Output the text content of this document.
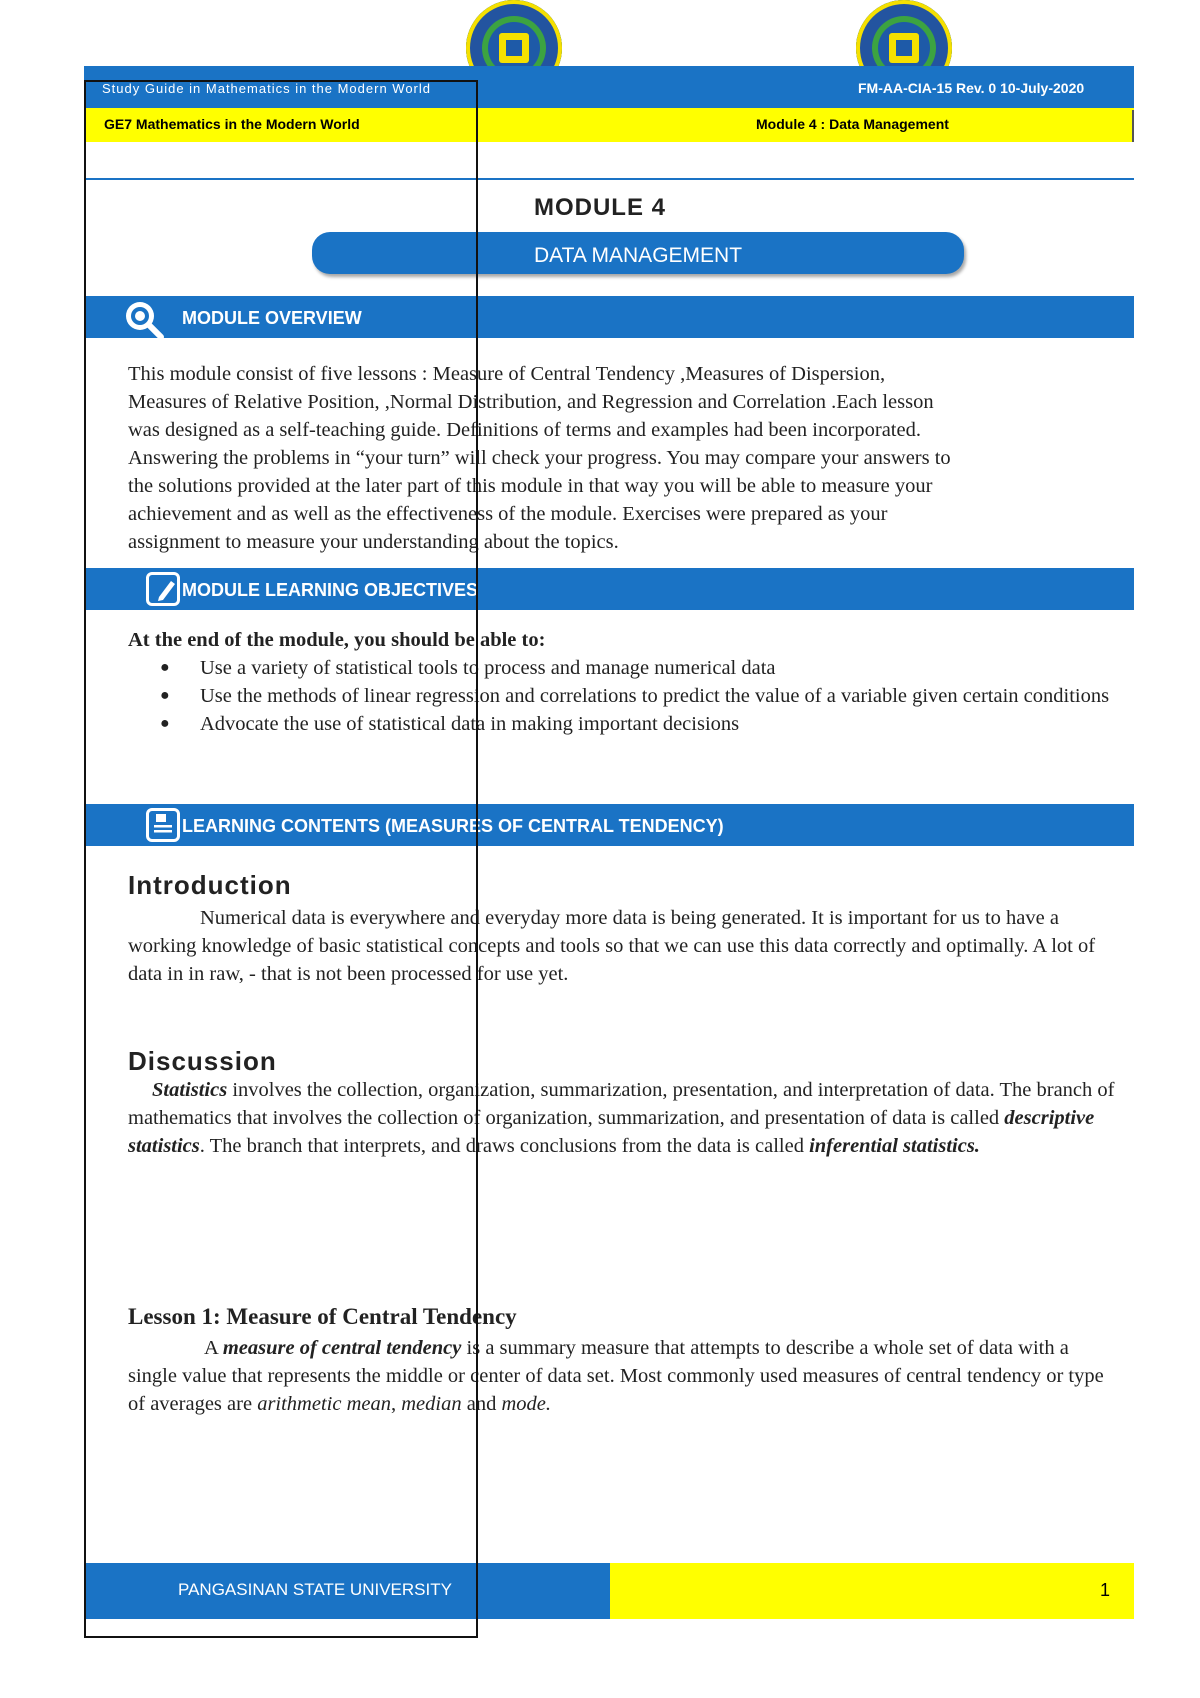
Study Guide in Mathematics in the Modern World	FM-AA-CIA-15 Rev. 0 10-July-2020
GE7 Mathematics in the Modern World	Module 4 : Data Management
MODULE 4
DATA MANAGEMENT
MODULE OVERVIEW
This module consist of five lessons : Measure of Central Tendency ,Measures of Dispersion,
Measures of Relative Position, ,Normal Distribution, and Regression and Correlation .Each lesson
was designed as a self-teaching guide. Definitions of terms and examples had been incorporated.
Answering the problems in “your turn” will check your progress. You may compare your answers to
the solutions provided at the later part of this module in that way you will be able to measure your
achievement and as well as the effectiveness of the module. Exercises were prepared as your
assignment to measure your understanding about the topics.
MODULE LEARNING OBJECTIVES
At the end of the module, you should be able to:
● Use a variety of statistical tools to process and manage numerical data
● Use the methods of linear regression and correlations to predict the value of a variable given certain conditions
● Advocate the use of statistical data in making important decisions
LEARNING CONTENTS (MEASURES OF CENTRAL TENDENCY)
Introduction
Numerical data is everywhere and everyday more data is being generated. It is important for us to have a working knowledge of basic statistical concepts and tools so that we can use this data correctly and optimally. A lot of data in in raw, - that is not been processed for use yet.
Discussion
Statistics involves the collection, organization, summarization, presentation, and interpretation of data. The branch of mathematics that involves the collection of organization, summarization, and presentation of data is called descriptive statistics. The branch that interprets, and draws conclusions from the data is called inferential statistics.
Lesson 1: Measure of Central Tendency
A measure of central tendency is a summary measure that attempts to describe a whole set of data with a single value that represents the middle or center of data set. Most commonly used measures of central tendency or type of averages are arithmetic mean, median and mode.
PANGASINAN STATE UNIVERSITY	1
